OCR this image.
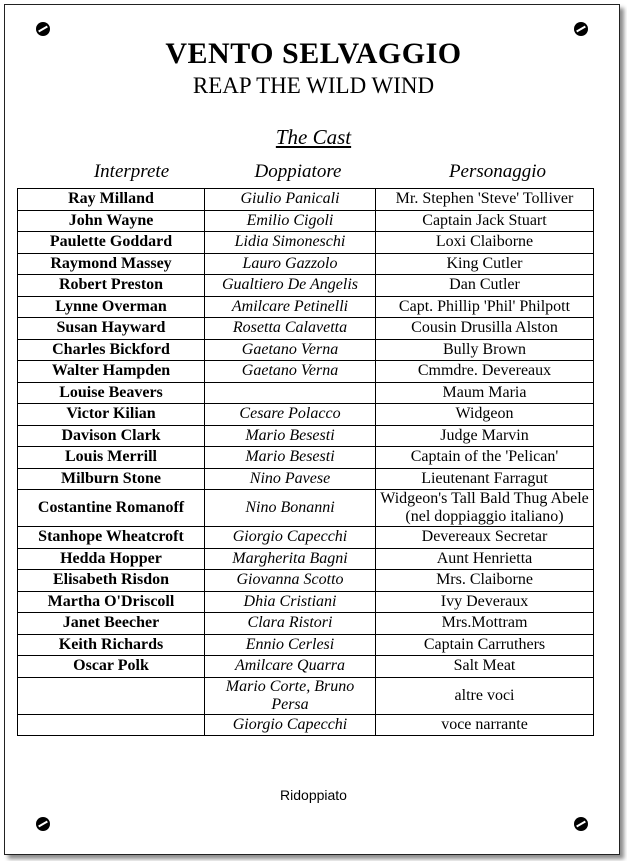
VENTO SELVAGGIO
REAP THE WILD WIND
The Cast
Interprete	Doppiatore	Personaggio
Ray Milland	Giulio Panicali	Mr. Stephen 'Steve' Tolliver
John Wayne	Emilio Cigoli	Captain Jack Stuart
Paulette Goddard	Lidia Simoneschi	Loxi Claiborne
Raymond Massey	Lauro Gazzolo	King Cutler
Robert Preston	Gualtiero De Angelis	Dan Cutler
Lynne Overman	Amilcare Petinelli	Capt. Phillip 'Phil' Philpott
Susan Hayward	Rosetta Calavetta	Cousin Drusilla Alston
Charles Bickford	Gaetano Verna	Bully Brown
Walter Hampden	Gaetano Verna	Cmmdre. Devereaux
Louise Beavers		Maum Maria
Victor Kilian	Cesare Polacco	Widgeon
Davison Clark	Mario Besesti	Judge Marvin
Louis Merrill	Mario Besesti	Captain of the 'Pelican'
Milburn Stone	Nino Pavese	Lieutenant Farragut
Costantine Romanoff	Nino Bonanni	Widgeon's Tall Bald Thug Abele (nel doppiaggio italiano)
Stanhope Wheatcroft	Giorgio Capecchi	Devereaux Secretar
Hedda Hopper	Margherita Bagni	Aunt Henrietta
Elisabeth Risdon	Giovanna Scotto	Mrs. Claiborne
Martha O'Driscoll	Dhia Cristiani	Ivy Deveraux
Janet Beecher	Clara Ristori	Mrs.Mottram
Keith Richards	Ennio Cerlesi	Captain Carruthers
Oscar Polk	Amilcare Quarra	Salt Meat
	Mario Corte, Bruno Persa	altre voci
	Giorgio Capecchi	voce narrante
Ridoppiato
